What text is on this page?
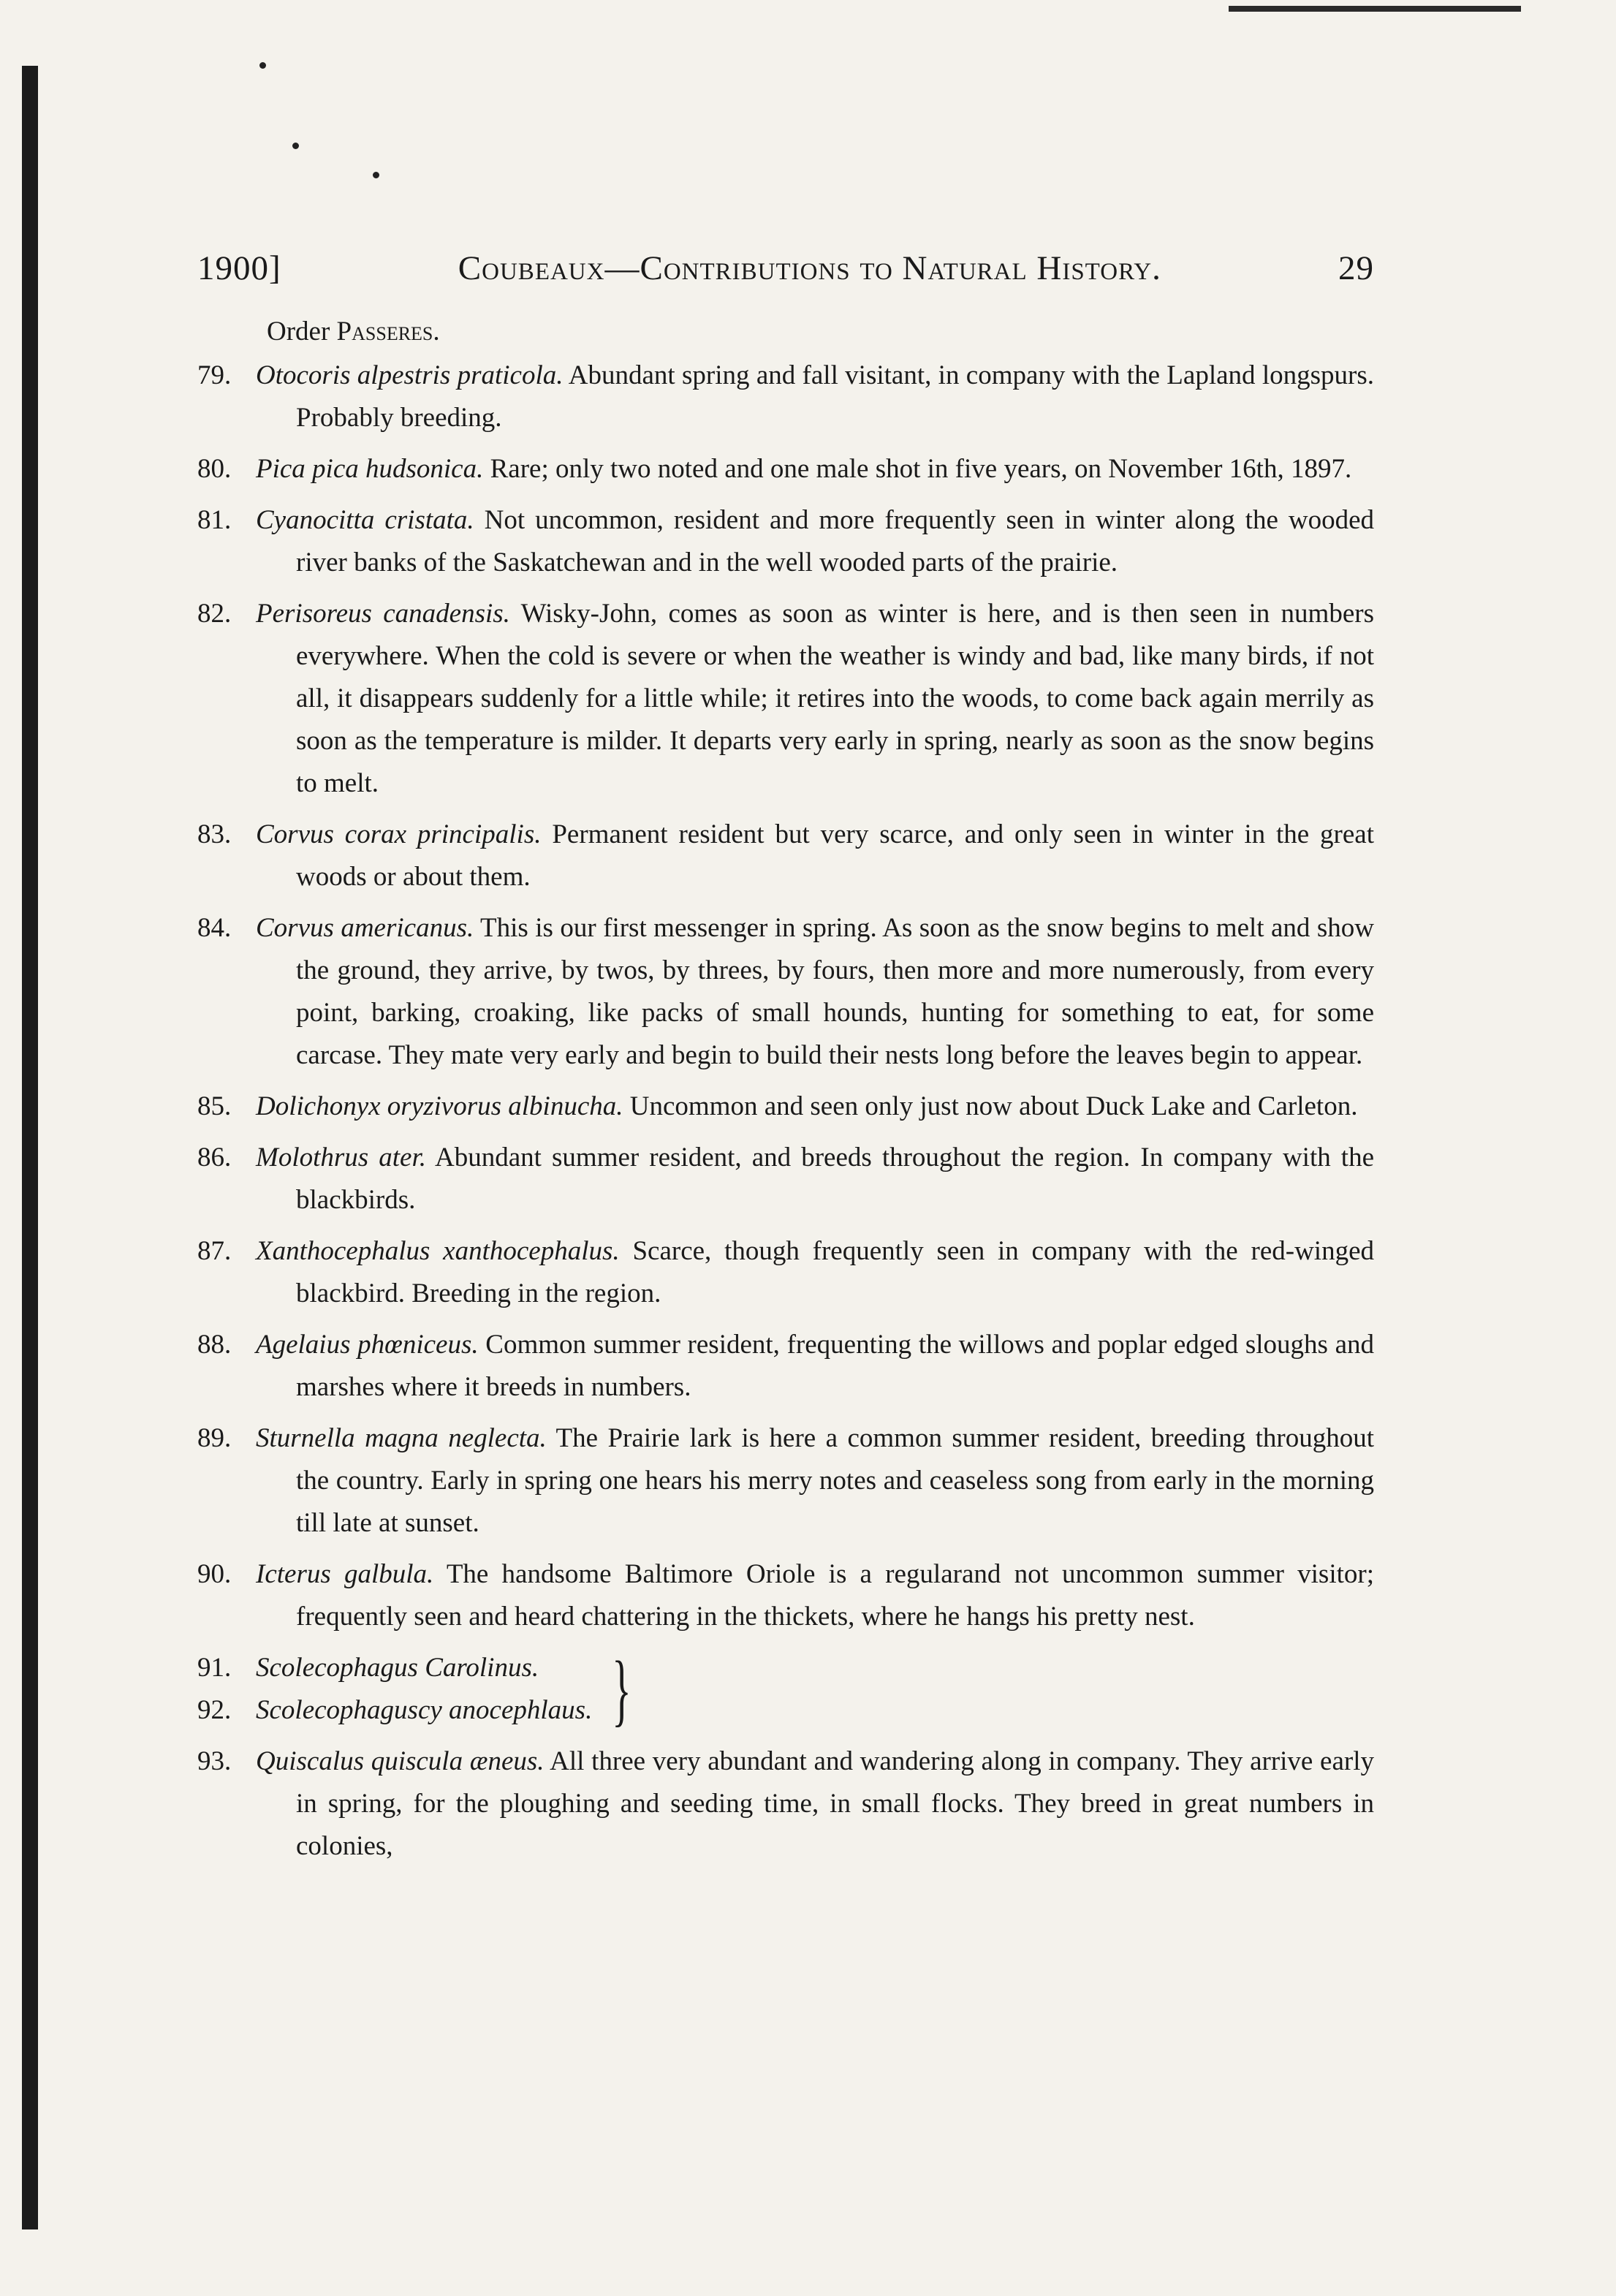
1900]	Coubeaux—Contributions to Natural History.	29
Order Passeres.
79. Otocoris alpestris praticola. Abundant spring and fall visitant, in company with the Lapland longspurs. Probably breeding.
80. Pica pica hudsonica. Rare; only two noted and one male shot in five years, on November 16th, 1897.
81. Cyanocitta cristata. Not uncommon, resident and more frequently seen in winter along the wooded river banks of the Saskatchewan and in the well wooded parts of the prairie.
82. Perisoreus canadensis. Wisky-John, comes as soon as winter is here, and is then seen in numbers everywhere. When the cold is severe or when the weather is windy and bad, like many birds, if not all, it disappears suddenly for a little while; it retires into the woods, to come back again merrily as soon as the temperature is milder. It departs very early in spring, nearly as soon as the snow begins to melt.
83. Corvus corax principalis. Permanent resident but very scarce, and only seen in winter in the great woods or about them.
84. Corvus americanus. This is our first messenger in spring. As soon as the snow begins to melt and show the ground, they arrive, by twos, by threes, by fours, then more and more numerously, from every point, barking, croaking, like packs of small hounds, hunting for something to eat, for some carcase. They mate very early and begin to build their nests long before the leaves begin to appear.
85. Dolichonyx oryzivorus albinucha. Uncommon and seen only just now about Duck Lake and Carleton.
86. Molothrus ater. Abundant summer resident, and breeds throughout the region. In company with the blackbirds.
87. Xanthocephalus xanthocephalus. Scarce, though frequently seen in company with the red-winged blackbird. Breeding in the region.
88. Agelaius phœniceus. Common summer resident, frequenting the willows and poplar edged sloughs and marshes where it breeds in numbers.
89. Sturnella magna neglecta. The Prairie lark is here a common summer resident, breeding throughout the country. Early in spring one hears his merry notes and ceaseless song from early in the morning till late at sunset.
90. Icterus galbula. The handsome Baltimore Oriole is a regularand not uncommon summer visitor; frequently seen and heard chattering in the thickets, where he hangs his pretty nest.
91. Scolecophagus Carolinus.
92. Scolecophaguscy anocephlaus. }
93. Quiscalus quiscula æneus. All three very abundant and wandering along in company. They arrive early in spring, for the ploughing and seeding time, in small flocks. They breed in great numbers in colonies,
